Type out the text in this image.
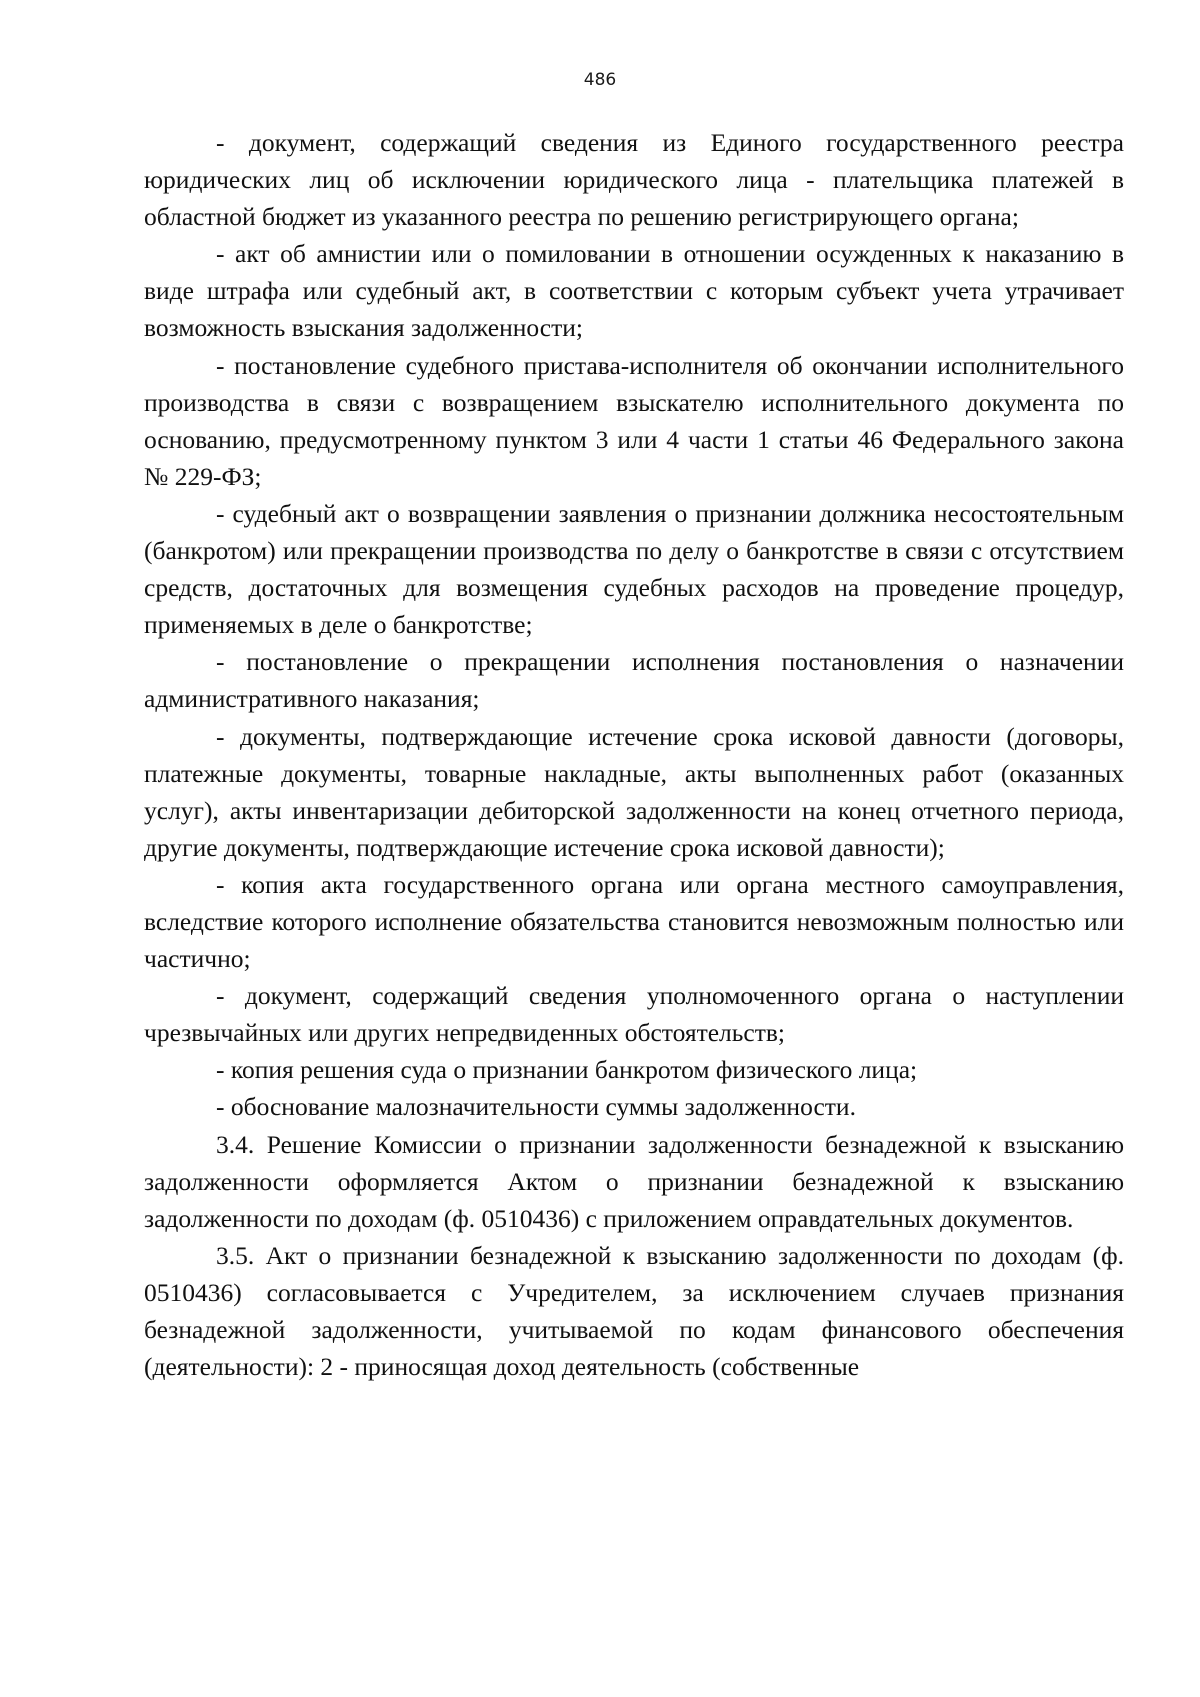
486

- документ, содержащий сведения из Единого государственного реестра юридических лиц об исключении юридического лица - плательщика платежей в областной бюджет из указанного реестра по решению регистрирующего органа;

- акт об амнистии или о помиловании в отношении осужденных к наказанию в виде штрафа или судебный акт, в соответствии с которым субъект учета утрачивает возможность взыскания задолженности;

- постановление судебного пристава-исполнителя об окончании исполнительного производства в связи с возвращением взыскателю исполнительного документа по основанию, предусмотренному пунктом 3 или 4 части 1 статьи 46 Федерального закона № 229-ФЗ;

- судебный акт о возвращении заявления о признании должника несостоятельным (банкротом) или прекращении производства по делу о банкротстве в связи с отсутствием средств, достаточных для возмещения судебных расходов на проведение процедур, применяемых в деле о банкротстве;

- постановление о прекращении исполнения постановления о назначении административного наказания;

- документы, подтверждающие истечение срока исковой давности (договоры, платежные документы, товарные накладные, акты выполненных работ (оказанных услуг), акты инвентаризации дебиторской задолженности на конец отчетного периода, другие документы, подтверждающие истечение срока исковой давности);

- копия акта государственного органа или органа местного самоуправления, вследствие которого исполнение обязательства становится невозможным полностью или частично;

- документ, содержащий сведения уполномоченного органа о наступлении чрезвычайных или других непредвиденных обстоятельств;

- копия решения суда о признании банкротом физического лица;

- обоснование малозначительности суммы задолженности.

3.4. Решение Комиссии о признании задолженности безнадежной к взысканию задолженности оформляется Актом о признании безнадежной к взысканию задолженности по доходам (ф. 0510436) с приложением оправдательных документов.

3.5. Акт о признании безнадежной к взысканию задолженности по доходам (ф. 0510436) согласовывается с Учредителем, за исключением случаев признания безнадежной задолженности, учитываемой по кодам финансового обеспечения (деятельности): 2 - приносящая доход деятельность (собственные
